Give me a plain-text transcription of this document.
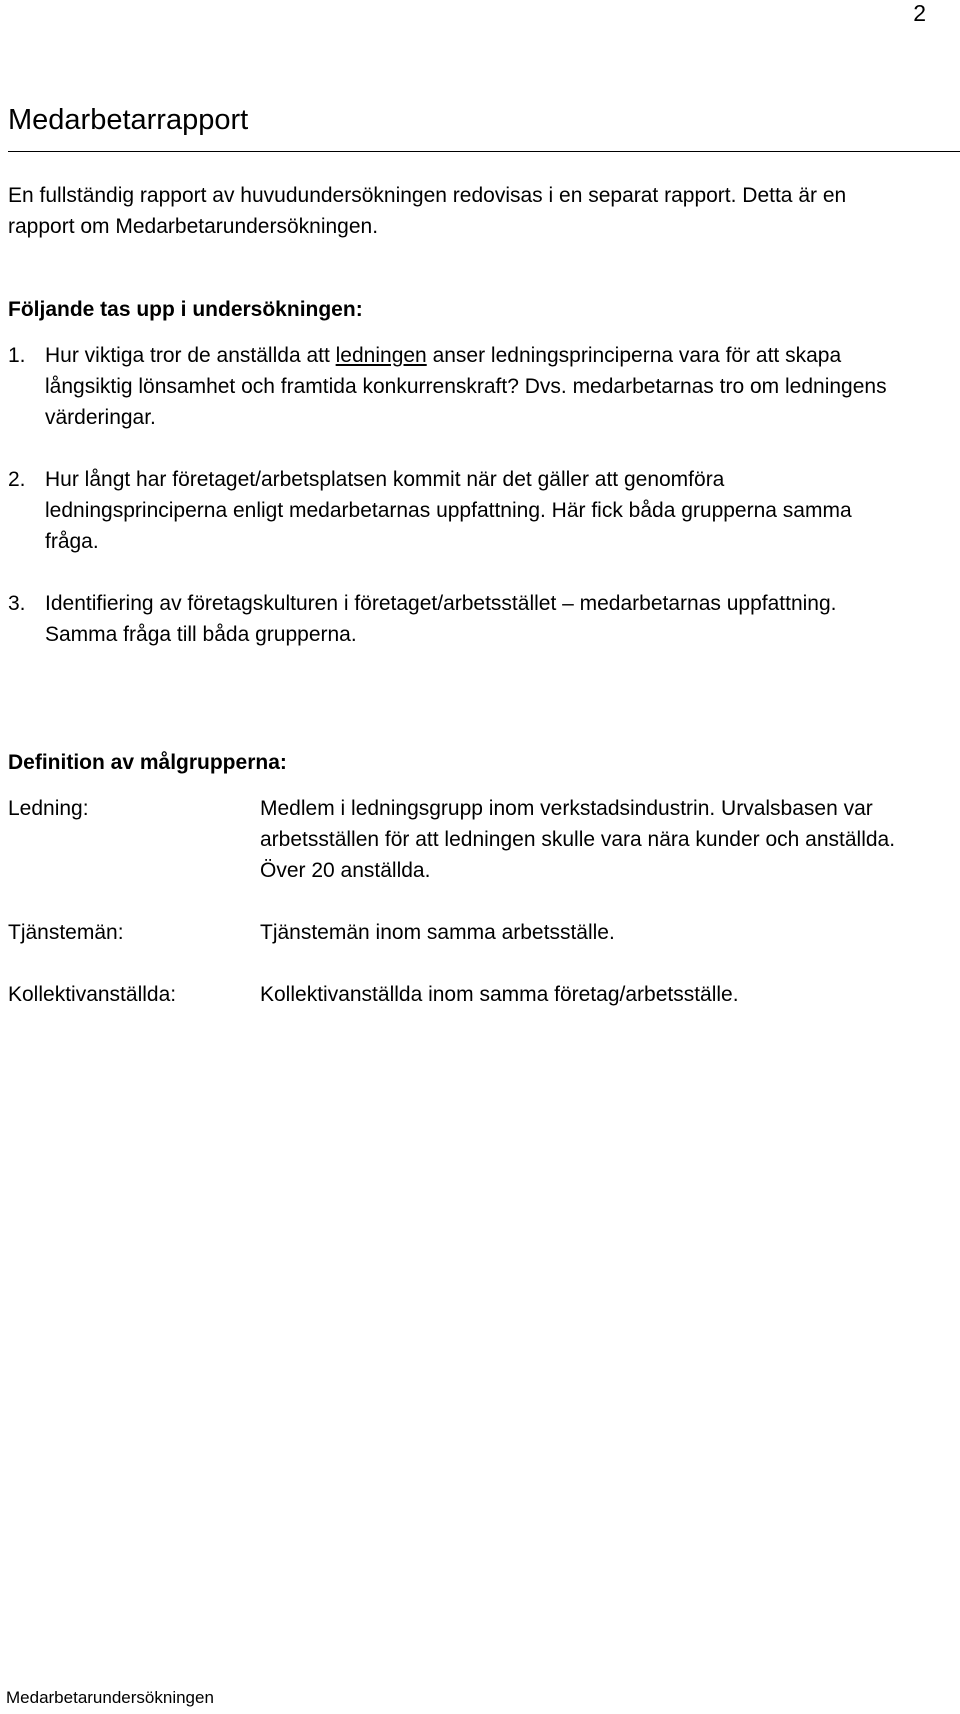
2
Medarbetarrapport
En fullständig rapport av huvudundersökningen redovisas i en separat rapport. Detta är en rapport om Medarbetarundersökningen.
Följande tas upp i undersökningen:
1. Hur viktiga tror de anställda att ledningen anser ledningsprinciperna vara för att skapa långsiktig lönsamhet och framtida konkurrenskraft? Dvs. medarbetarnas tro om ledningens värderingar.
2. Hur långt har företaget/arbetsplatsen kommit när det gäller att genomföra ledningsprinciperna enligt medarbetarnas uppfattning. Här fick båda grupperna samma fråga.
3. Identifiering av företagskulturen i företaget/arbetsstället – medarbetarnas uppfattning. Samma fråga till båda grupperna.
Definition av målgrupperna:
Ledning:	Medlem i ledningsgrupp inom verkstadsindustrin. Urvalsbasen var arbetsställen för att ledningen skulle vara nära kunder och anställda. Över 20 anställda.
Tjänstemän:	Tjänstemän inom samma arbetsställe.
Kollektivanställda:	Kollektivanställda inom samma företag/arbetsställe.
Medarbetarundersökningen
